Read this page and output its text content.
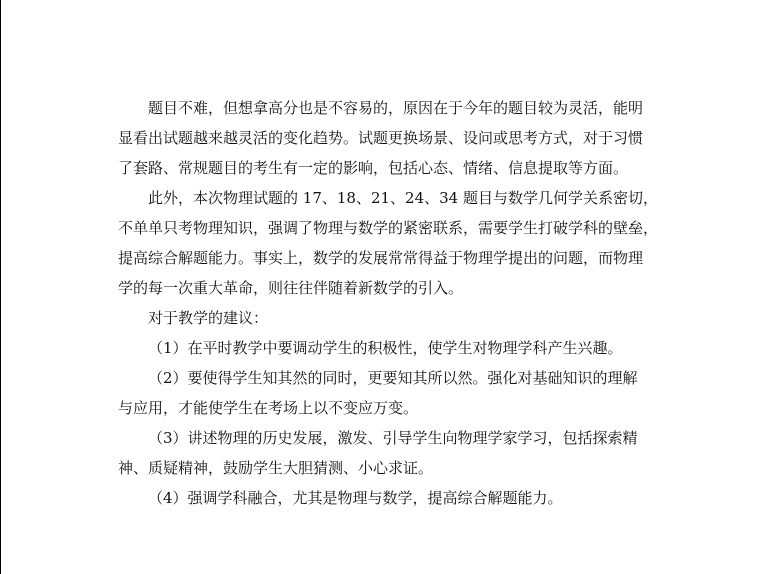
题目不难，但想拿高分也是不容易的，原因在于今年的题目较为灵活，能明
显看出试题越来越灵活的变化趋势。试题更换场景、设问或思考方式，对于习惯
了套路、常规题目的考生有一定的影响，包括心态、情绪、信息提取等方面。
此外，本次物理试题的 17、18、21、24、34 题目与数学几何学关系密切，
不单单只考物理知识，强调了物理与数学的紧密联系，需要学生打破学科的壁垒，
提高综合解题能力。事实上，数学的发展常常得益于物理学提出的问题，而物理
学的每一次重大革命，则往往伴随着新数学的引入。
对于教学的建议：
（1）在平时教学中要调动学生的积极性，使学生对物理学科产生兴趣。
（2）要使得学生知其然的同时，更要知其所以然。强化对基础知识的理解
与应用，才能使学生在考场上以不变应万变。
（3）讲述物理的历史发展，激发、引导学生向物理学家学习，包括探索精
神、质疑精神，鼓励学生大胆猜测、小心求证。
（4）强调学科融合，尤其是物理与数学，提高综合解题能力。
